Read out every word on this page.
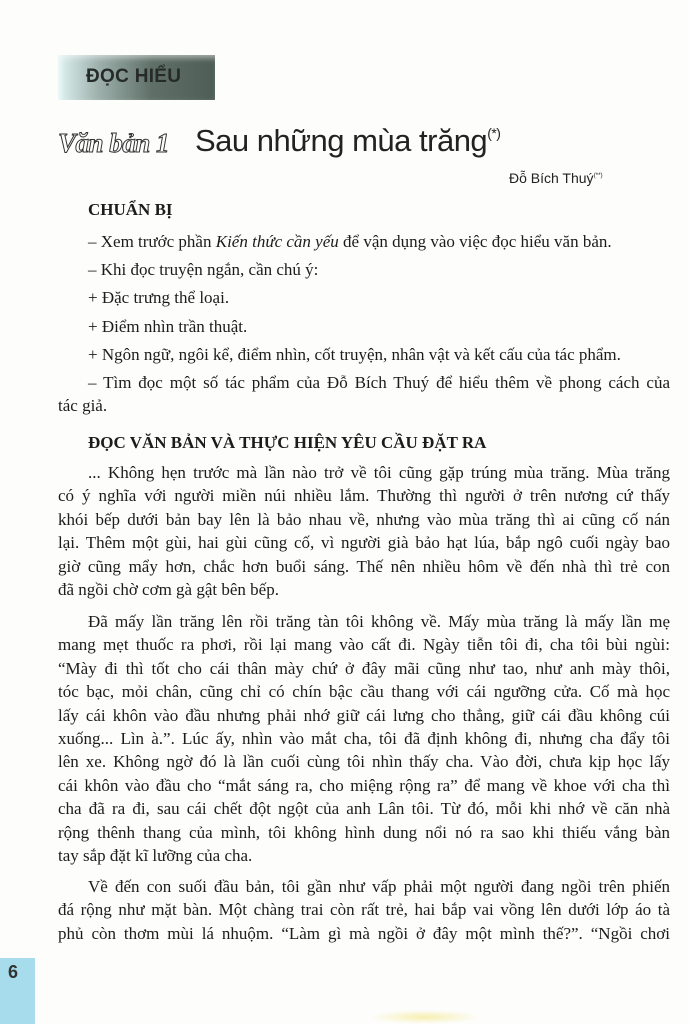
ĐỌC HIỂU
Văn bản 1 Sau những mùa trăng(*)
Đỗ Bích Thuý(**)
CHUẨN BỊ
– Xem trước phần Kiến thức cần yếu để vận dụng vào việc đọc hiểu văn bản.
– Khi đọc truyện ngắn, cần chú ý:
+ Đặc trưng thể loại.
+ Điểm nhìn trần thuật.
+ Ngôn ngữ, ngôi kể, điểm nhìn, cốt truyện, nhân vật và kết cấu của tác phẩm.
– Tìm đọc một số tác phẩm của Đỗ Bích Thuý để hiểu thêm về phong cách của
tác giả.
ĐỌC VĂN BẢN VÀ THỰC HIỆN YÊU CẦU ĐẶT RA
... Không hẹn trước mà lần nào trở về tôi cũng gặp trúng mùa trăng. Mùa trăng
có ý nghĩa với người miền núi nhiều lắm. Thường thì người ở trên nương cứ thấy
khói bếp dưới bản bay lên là bảo nhau về, nhưng vào mùa trăng thì ai cũng cố nán
lại. Thêm một gùi, hai gùi cũng cố, vì người già bảo hạt lúa, bắp ngô cuối ngày bao
giờ cũng mẩy hơn, chắc hơn buổi sáng. Thế nên nhiều hôm về đến nhà thì trẻ con
đã ngồi chờ cơm gà gật bên bếp.
Đã mấy lần trăng lên rồi trăng tàn tôi không về. Mấy mùa trăng là mấy lần mẹ
mang mẹt thuốc ra phơi, rồi lại mang vào cất đi. Ngày tiễn tôi đi, cha tôi bùi ngùi:
“Mày đi thì tốt cho cái thân mày chứ ở đây mãi cũng như tao, như anh mày thôi,
tóc bạc, mỏi chân, cũng chỉ có chín bậc cầu thang với cái ngưỡng cửa. Cố mà học
lấy cái khôn vào đầu nhưng phải nhớ giữ cái lưng cho thẳng, giữ cái đầu không cúi
xuống... Lìn à.”. Lúc ấy, nhìn vào mắt cha, tôi đã định không đi, nhưng cha đẩy tôi
lên xe. Không ngờ đó là lần cuối cùng tôi nhìn thấy cha. Vào đời, chưa kịp học lấy
cái khôn vào đầu cho “mắt sáng ra, cho miệng rộng ra” để mang về khoe với cha thì
cha đã ra đi, sau cái chết đột ngột của anh Lân tôi. Từ đó, mỗi khi nhớ về căn nhà
rộng thênh thang của mình, tôi không hình dung nổi nó ra sao khi thiếu vắng bàn
tay sắp đặt kĩ lưỡng của cha.
Về đến con suối đầu bản, tôi gần như vấp phải một người đang ngồi trên phiến
đá rộng như mặt bàn. Một chàng trai còn rất trẻ, hai bắp vai vồng lên dưới lớp áo tà
phủ còn thơm mùi lá nhuộm. “Làm gì mà ngồi ở đây một mình thế?”. “Ngồi chơi
6
